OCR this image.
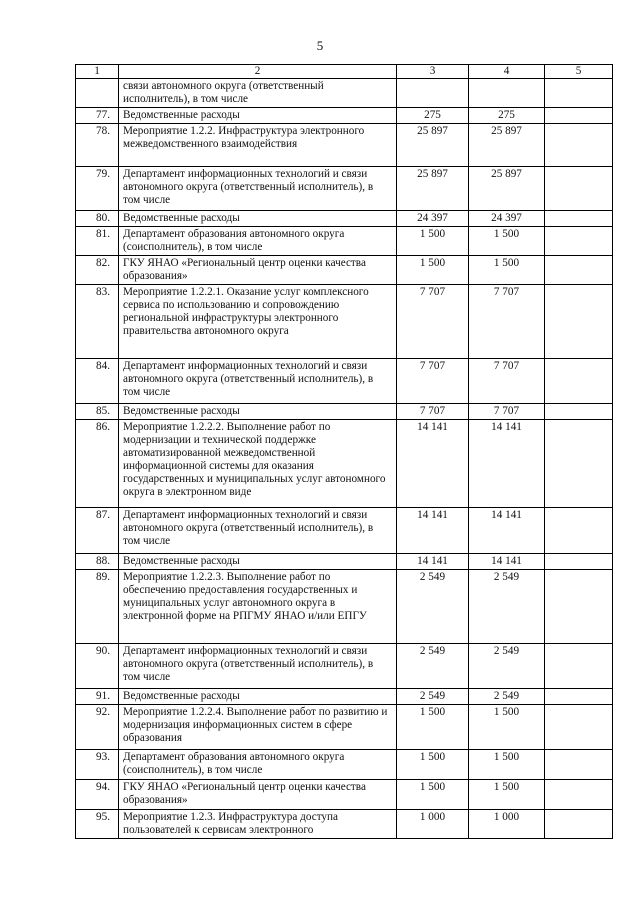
5
1	2	3	4	5
	связи автономного округа (ответственный исполнитель), в том числе			
77.	Ведомственные расходы	275	275	
78.	Мероприятие 1.2.2. Инфраструктура электронного межведомственного взаимодействия	25 897	25 897	
79.	Департамент информационных технологий и связи автономного округа (ответственный исполнитель), в том числе	25 897	25 897	
80.	Ведомственные расходы	24 397	24 397	
81.	Департамент образования автономного округа (соисполнитель), в том числе	1 500	1 500	
82.	ГКУ ЯНАО «Региональный центр оценки качества образования»	1 500	1 500	
83.	Мероприятие 1.2.2.1. Оказание услуг комплексного сервиса по использованию и сопровождению региональной инфраструктуры электронного правительства автономного округа	7 707	7 707	
84.	Департамент информационных технологий и связи автономного округа (ответственный исполнитель), в том числе	7 707	7 707	
85.	Ведомственные расходы	7 707	7 707	
86.	Мероприятие 1.2.2.2. Выполнение работ по модернизации и технической поддержке автоматизированной межведомственной информационной системы для оказания государственных и муниципальных услуг автономного округа в электронном виде	14 141	14 141	
87.	Департамент информационных технологий и связи автономного округа (ответственный исполнитель), в том числе	14 141	14 141	
88.	Ведомственные расходы	14 141	14 141	
89.	Мероприятие 1.2.2.3. Выполнение работ по обеспечению предоставления государственных и муниципальных услуг автономного округа в электронной форме на РПГМУ ЯНАО и/или ЕПГУ	2 549	2 549	
90.	Департамент информационных технологий и связи автономного округа (ответственный исполнитель), в том числе	2 549	2 549	
91.	Ведомственные расходы	2 549	2 549	
92.	Мероприятие 1.2.2.4. Выполнение работ по развитию и модернизация информационных систем в сфере образования	1 500	1 500	
93.	Департамент образования автономного округа (соисполнитель), в том числе	1 500	1 500	
94.	ГКУ ЯНАО «Региональный центр оценки качества образования»	1 500	1 500	
95.	Мероприятие 1.2.3. Инфраструктура доступа пользователей к сервисам электронного	1 000	1 000	
